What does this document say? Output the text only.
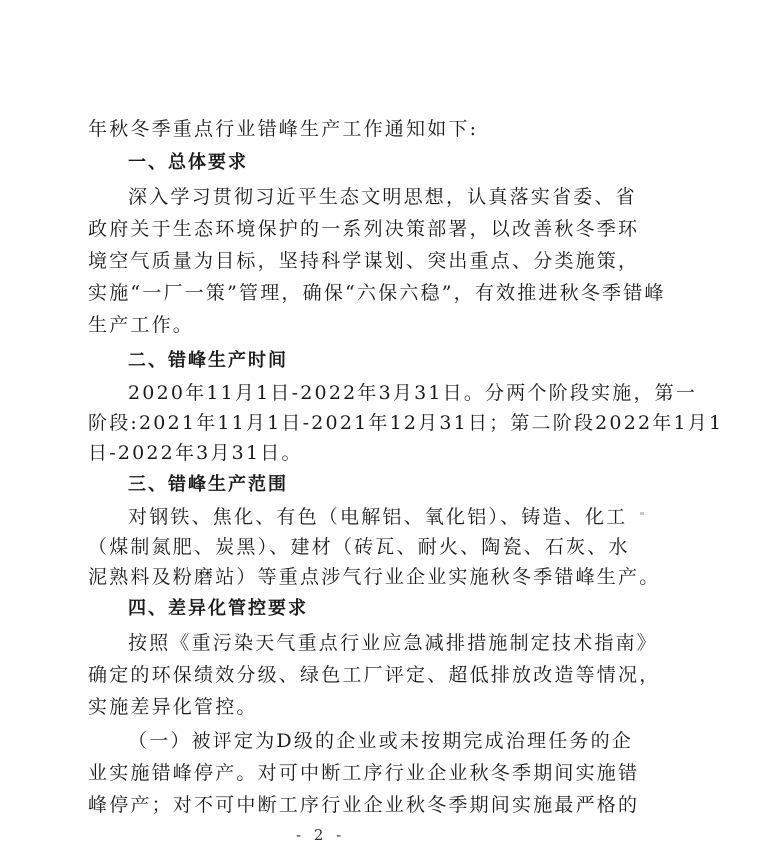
年秋冬季重点行业错峰生产工作通知如下:
一、总体要求
深入学习贯彻习近平生态文明思想，认真落实省委、省
政府关于生态环境保护的一系列决策部署，以改善秋冬季环
境空气质量为目标，坚持科学谋划、突出重点、分类施策，
实施“一厂一策”管理，确保“六保六稳”，有效推进秋冬季错峰
生产工作。
二、错峰生产时间
2020年11月1日-2022年3月31日。分两个阶段实施，第一
阶段:2021年11月1日-2021年12月31日；第二阶段2022年1月1
日-2022年3月31日。
三、错峰生产范围
对钢铁、焦化、有色（电解铝、氧化铝）、铸造、化工
（煤制氮肥、炭黑）、建材（砖瓦、耐火、陶瓷、石灰、水
泥熟料及粉磨站）等重点涉气行业企业实施秋冬季错峰生产。
四、差异化管控要求
按照《重污染天气重点行业应急减排措施制定技术指南》
确定的环保绩效分级、绿色工厂评定、超低排放改造等情况，
实施差异化管控。
（一）被评定为D级的企业或未按期完成治理任务的企
- 2 -
业实施错峰停产。对可中断工序行业企业秋冬季期间实施错
峰停产；对不可中断工序行业企业秋冬季期间实施最严格的
